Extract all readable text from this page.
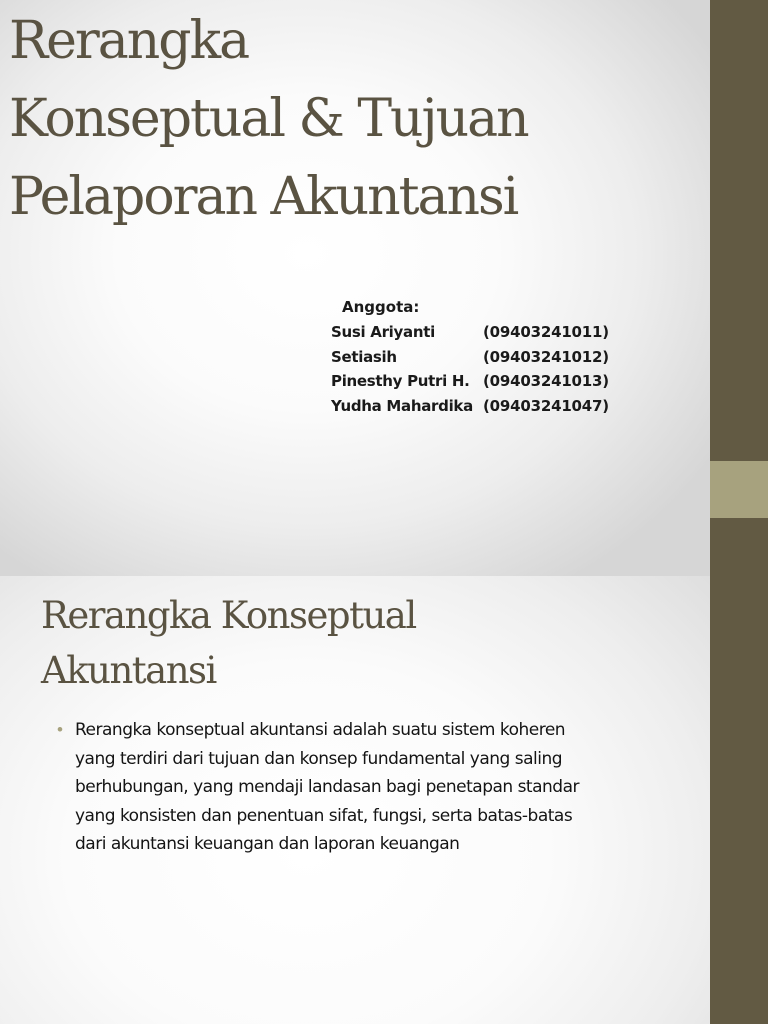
Rerangka
Konseptual & Tujuan
Pelaporan Akuntansi
Anggota:
Susi Ariyanti	(09403241011)
Setiasih	(09403241012)
Pinesthy Putri H. (09403241013)
Yudha Mahardika (09403241047)
Rerangka Konseptual
Akuntansi
• Rerangka konseptual akuntansi adalah suatu sistem koheren
yang terdiri dari tujuan dan konsep fundamental yang saling
berhubungan, yang mendaji landasan bagi penetapan standar
yang konsisten dan penentuan sifat, fungsi, serta batas-batas
dari akuntansi keuangan dan laporan keuangan
